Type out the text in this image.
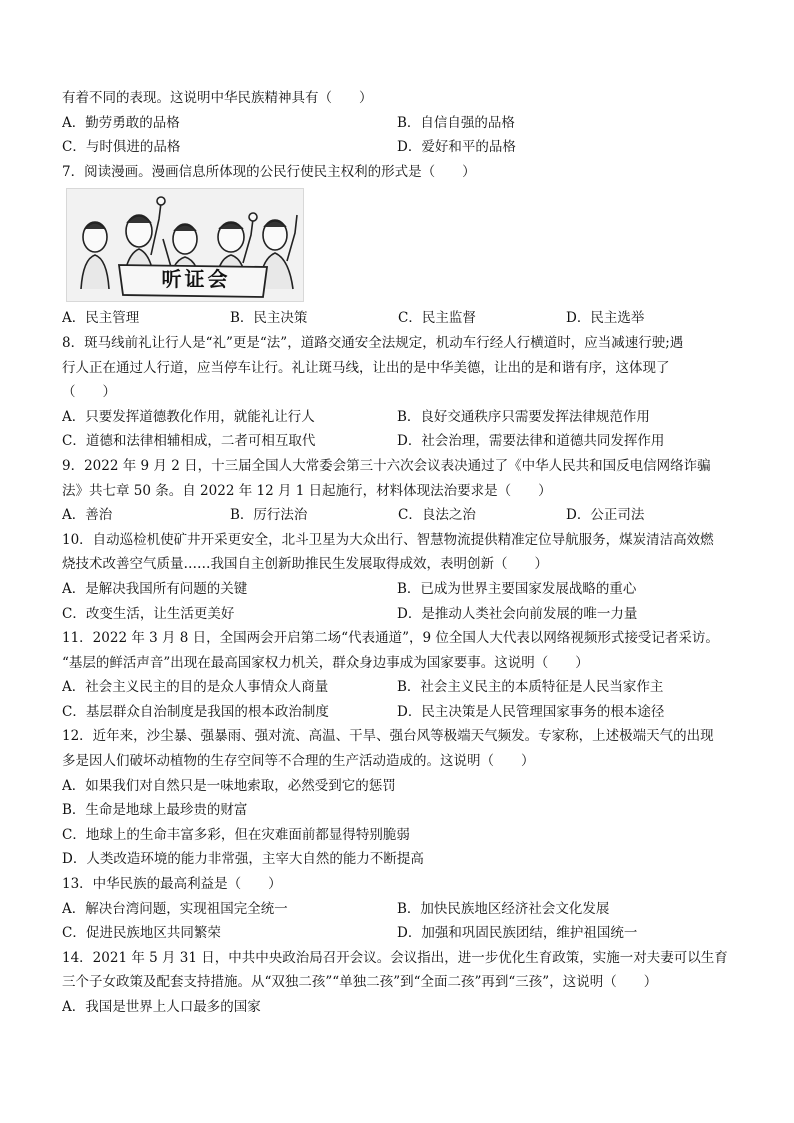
有着不同的表现。这说明中华民族精神具有（　　）
A．勤劳勇敢的品格	B．自信自强的品格
C．与时俱进的品格	D．爱好和平的品格
7．阅读漫画。漫画信息所体现的公民行使民主权利的形式是（　　）
听证会
A．民主管理	B．民主决策	C．民主监督	D．民主选举
8．斑马线前礼让行人是“礼”更是“法”，道路交通安全法规定，机动车行经人行横道时，应当减速行驶;遇
行人正在通过人行道，应当停车让行。礼让斑马线，让出的是中华美德，让出的是和谐有序，这体现了
（　　）
A．只要发挥道德教化作用，就能礼让行人	B．良好交通秩序只需要发挥法律规范作用
C．道德和法律相辅相成，二者可相互取代	D．社会治理，需要法律和道德共同发挥作用
9．2022 年 9 月 2 日，十三届全国人大常委会第三十六次会议表决通过了《中华人民共和国反电信网络诈骗
法》共七章 50 条。自 2022 年 12 月 1 日起施行，材料体现法治要求是（　　）
A．善治	B．厉行法治	C．良法之治	D．公正司法
10．自动巡检机使矿井开采更安全，北斗卫星为大众出行、智慧物流提供精准定位导航服务，煤炭清洁高效燃
烧技术改善空气质量……我国自主创新助推民生发展取得成效，表明创新（　　）
A．是解决我国所有问题的关键	B．已成为世界主要国家发展战略的重心
C．改变生活，让生活更美好	D．是推动人类社会向前发展的唯一力量
11．2022 年 3 月 8 日，全国两会开启第二场“代表通道”，9 位全国人大代表以网络视频形式接受记者采访。
“基层的鲜活声音”出现在最高国家权力机关，群众身边事成为国家要事。这说明（　　）
A．社会主义民主的目的是众人事情众人商量	B．社会主义民主的本质特征是人民当家作主
C．基层群众自治制度是我国的根本政治制度	D．民主决策是人民管理国家事务的根本途径
12．近年来，沙尘暴、强暴雨、强对流、高温、干旱、强台风等极端天气频发。专家称，上述极端天气的出现
多是因人们破坏动植物的生存空间等不合理的生产活动造成的。这说明（　　）
A．如果我们对自然只是一味地索取，必然受到它的惩罚
B．生命是地球上最珍贵的财富
C．地球上的生命丰富多彩，但在灾难面前都显得特别脆弱
D．人类改造环境的能力非常强，主宰大自然的能力不断提高
13．中华民族的最高利益是（　　）
A．解决台湾问题，实现祖国完全统一	B．加快民族地区经济社会文化发展
C．促进民族地区共同繁荣	D．加强和巩固民族团结，维护祖国统一
14．2021 年 5 月 31 日，中共中央政治局召开会议。会议指出，进一步优化生育政策，实施一对夫妻可以生育
三个子女政策及配套支持措施。从“双独二孩”“单独二孩”到“全面二孩”再到“三孩”，这说明（　　）
A．我国是世界上人口最多的国家
